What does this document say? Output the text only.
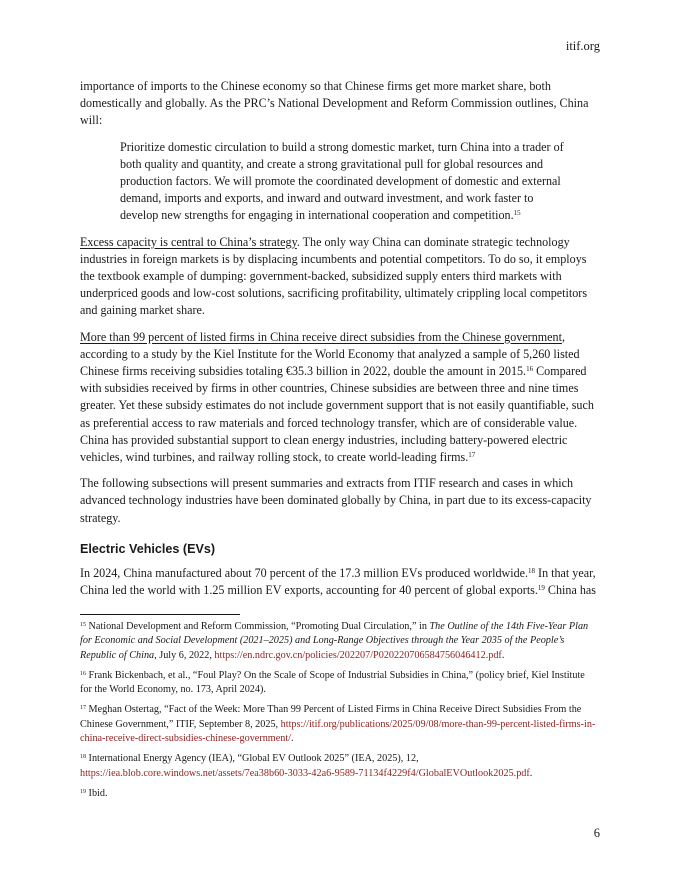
itif.org

importance of imports to the Chinese economy so that Chinese firms get more market share, both domestically and globally. As the PRC’s National Development and Reform Commission outlines, China will:

Prioritize domestic circulation to build a strong domestic market, turn China into a trader of both quality and quantity, and create a strong gravitational pull for global resources and production factors. We will promote the coordinated development of domestic and external demand, imports and exports, and inward and outward investment, and work faster to develop new strengths for engaging in international cooperation and competition.$^{15}$

Excess capacity is central to China’s strategy. The only way China can dominate strategic technology industries in foreign markets is by displacing incumbents and potential competitors. To do so, it employs the textbook example of dumping: government-backed, subsidized supply enters third markets with underpriced goods and low-cost solutions, sacrificing profitability, ultimately crippling local competitors and gaining market share.

More than 99 percent of listed firms in China receive direct subsidies from the Chinese government, according to a study by the Kiel Institute for the World Economy that analyzed a sample of 5,260 listed Chinese firms receiving subsidies totaling €35.3 billion in 2022, double the amount in 2015.16 Compared with subsidies received by firms in other countries, Chinese subsidies are between three and nine times greater. Yet these subsidy estimates do not include government support that is not easily quantifiable, such as preferential access to raw materials and forced technology transfer, which are of considerable value. China has provided substantial support to clean energy industries, including battery-powered electric vehicles, wind turbines, and railway rolling stock, to create world-leading firms.$^{17}$

The following subsections will present summaries and extracts from ITIF research and cases in which advanced technology industries have been dominated globally by China, in part due to its excess-capacity strategy.

Electric Vehicles (EVs)

In 2024, China manufactured about 70 percent of the 17.3 million EVs produced worldwide.$^{18}$ In that year, China led the world with 1.25 million EV exports, accounting for 40 percent of global exports.$^{19}$ China has

$^{15}$ National Development and Reform Commission, “Promoting Dual Circulation,” in The Outline of the 14th Five-Year Plan for Economic and Social Development (2021–2025) and Long-Range Objectives through the Year 2035 of the People’s Republic of China, July 6, 2022, https://en.ndrc.gov.cn/policies/202207/P020220706584756046412.pdf.

$^{16}$ Frank Bickenbach, et al., “Foul Play? On the Scale of Scope of Industrial Subsidies in China,” (policy brief, Kiel Institute for the World Economy, no. 173, April 2024).

$^{17}$ Meghan Ostertag, “Fact of the Week: More Than 99 Percent of Listed Firms in China Receive Direct Subsidies From the Chinese Government,” ITIF, September 8, 2025, https://itif.org/publications/2025/09/08/more-than-99-percent-listed-firms-in-china-receive-direct-subsidies-chinese-government/.

$^{18}$ International Energy Agency (IEA), “Global EV Outlook 2025” (IEA, 2025), 12, https://iea.blob.core.windows.net/assets/7ea38b60-3033-42a6-9589-71134f4229f4/GlobalEVOutlook2025.pdf.

$^{19}$ Ibid.

6
